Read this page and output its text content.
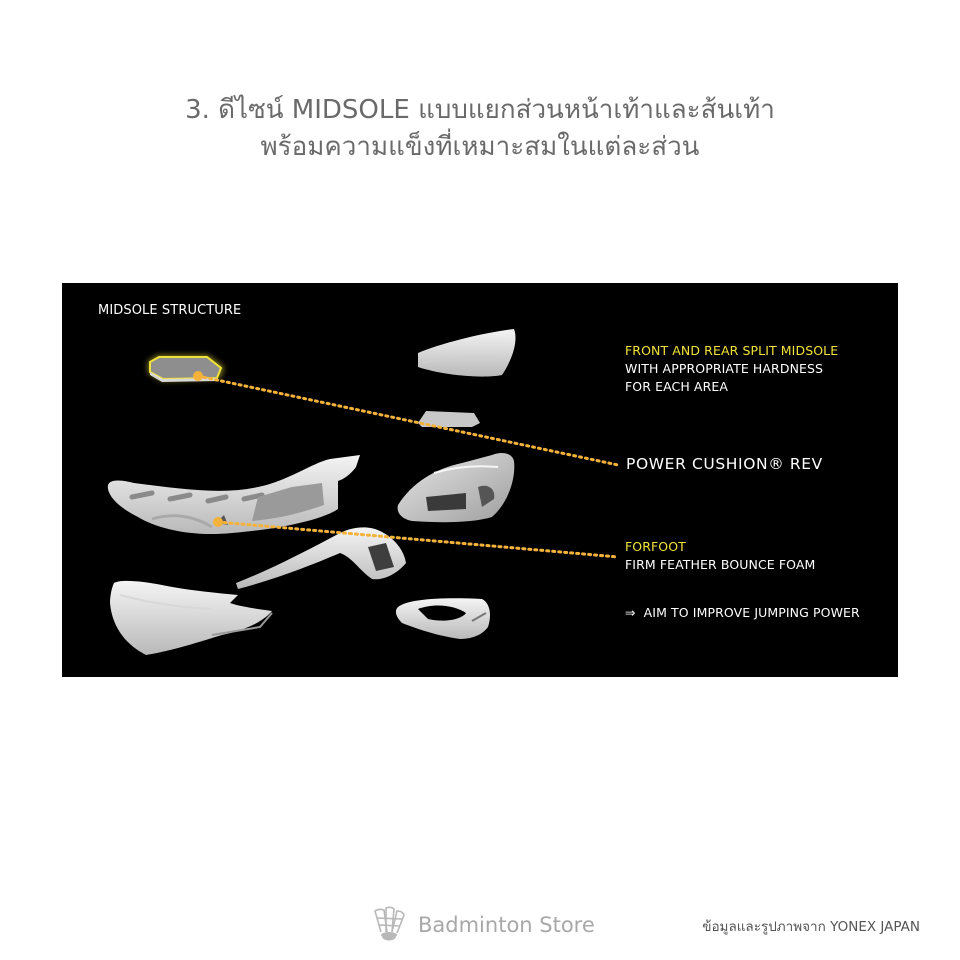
3. ดีไซน์ MIDSOLE แบบแยกส่วนหน้าเท้าและส้นเท้า
พร้อมความแข็งที่เหมาะสมในแต่ละส่วน
MIDSOLE STRUCTURE
FRONT AND REAR SPLIT MIDSOLE
WITH APPROPRIATE HARDNESS
FOR EACH AREA
POWER CUSHION® REV
FORFOOT
FIRM FEATHER BOUNCE FOAM
⇒ AIM TO IMPROVE JUMPING POWER
Badminton Store	ข้อมูลและรูปภาพจาก YONEX JAPAN
